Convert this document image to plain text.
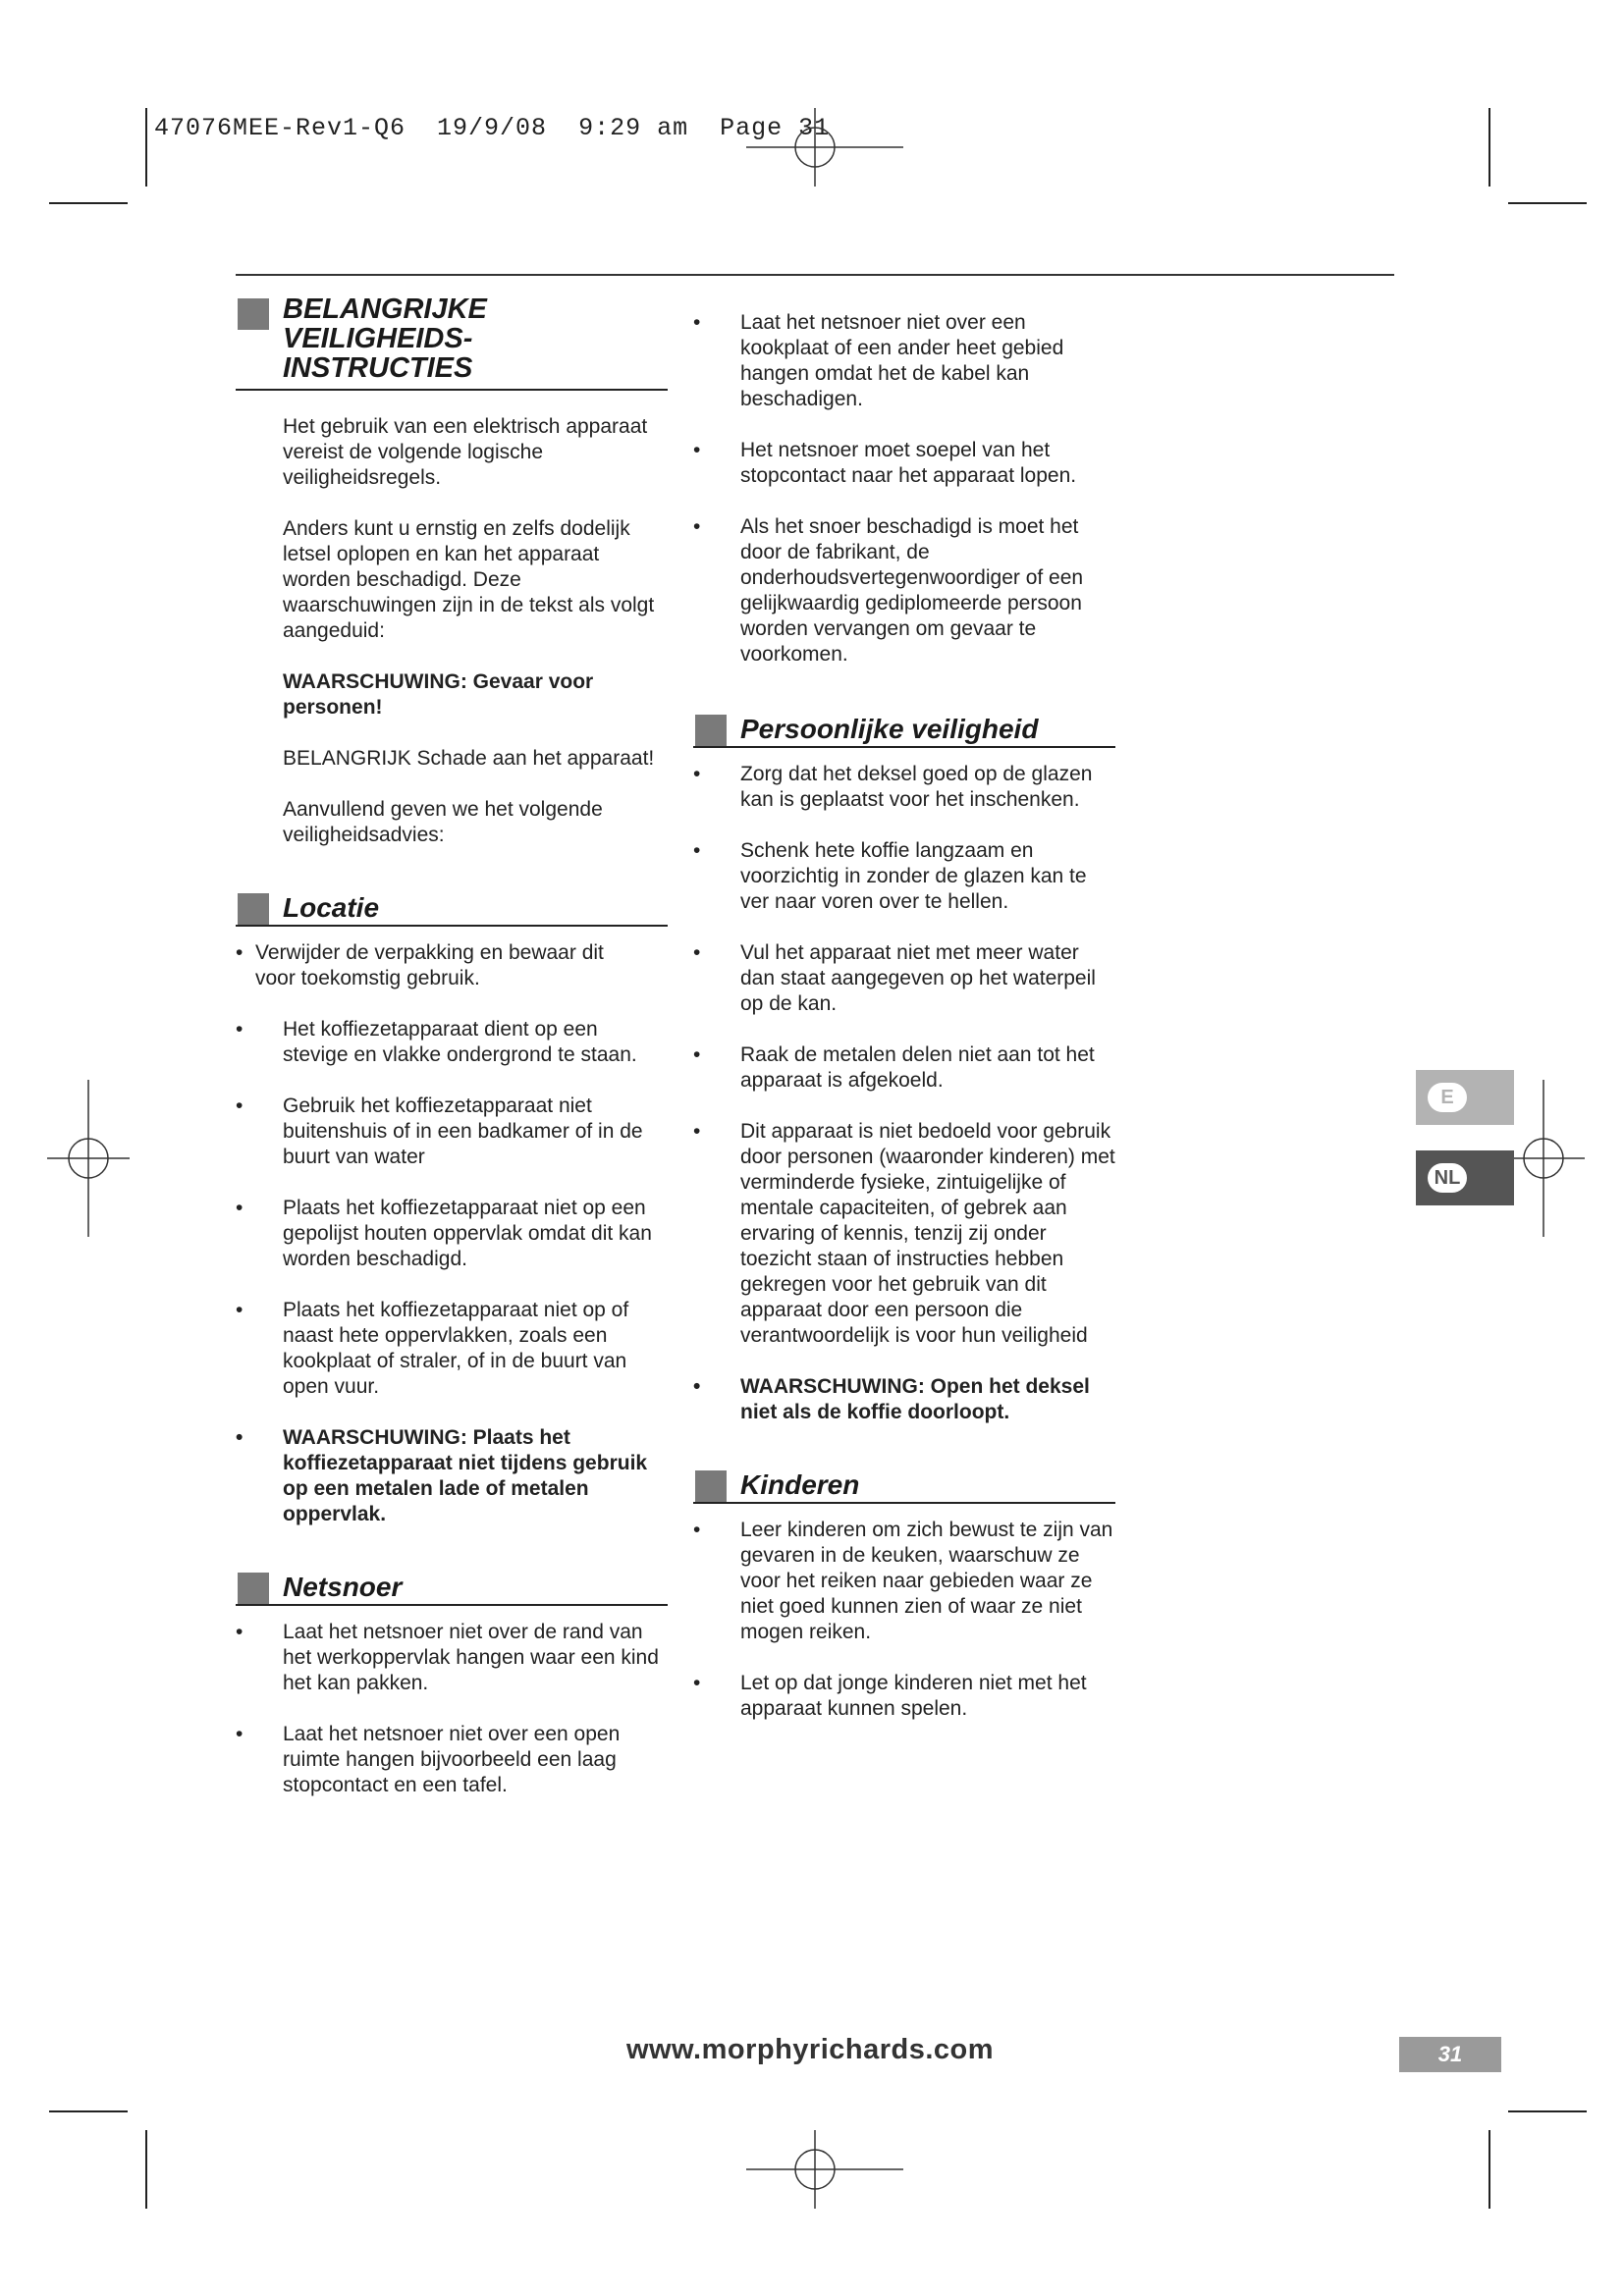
47076MEE-Rev1-Q6  19/9/08  9:29 am  Page 31
BELANGRIJKE
VEILIGHEIDS-
INSTRUCTIES

Het gebruik van een elektrisch apparaat vereist de volgende logische veiligheidsregels.

Anders kunt u ernstig en zelfs dodelijk letsel oplopen en kan het apparaat worden beschadigd. Deze waarschuwingen zijn in de tekst als volgt aangeduid:

WAARSCHUWING: Gevaar voor personen!

BELANGRIJK Schade aan het apparaat!

Aanvullend geven we het volgende veiligheidsadvies:

Locatie
• Verwijder de verpakking en bewaar dit voor toekomstig gebruik.
• Het koffiezetapparaat dient op een stevige en vlakke ondergrond te staan.
• Gebruik het koffiezetapparaat niet buitenshuis of in een badkamer of in de buurt van water
• Plaats het koffiezetapparaat niet op een gepolijst houten oppervlak omdat dit kan worden beschadigd.
• Plaats het koffiezetapparaat niet op of naast hete oppervlakken, zoals een kookplaat of straler, of in de buurt van open vuur.
• WAARSCHUWING: Plaats het koffiezetapparaat niet tijdens gebruik op een metalen lade of metalen oppervlak.
Netsnoer
• Laat het netsnoer niet over de rand van het werkoppervlak hangen waar een kind het kan pakken.
• Laat het netsnoer niet over een open ruimte hangen bijvoorbeeld een laag stopcontact en een tafel.
• Laat het netsnoer niet over een kookplaat of een ander heet gebied hangen omdat het de kabel kan beschadigen.
• Het netsnoer moet soepel van het stopcontact naar het apparaat lopen.
• Als het snoer beschadigd is moet het door de fabrikant, de onderhoudsvertegenwoordiger of een gelijkwaardig gediplomeerde persoon worden vervangen om gevaar te voorkomen.
Persoonlijke veiligheid
• Zorg dat het deksel goed op de glazen kan is geplaatst voor het inschenken.
• Schenk hete koffie langzaam en voorzichtig in zonder de glazen kan te ver naar voren over te hellen.
• Vul het apparaat niet met meer water dan staat aangegeven op het waterpeil op de kan.
• Raak de metalen delen niet aan tot het apparaat is afgekoeld.
• Dit apparaat is niet bedoeld voor gebruik door personen (waaronder kinderen) met verminderde fysieke, zintuigelijke of mentale capaciteiten, of gebrek aan ervaring of kennis, tenzij zij onder toezicht staan of instructies hebben gekregen voor het gebruik van dit apparaat door een persoon die verantwoordelijk is voor hun veiligheid
• WAARSCHUWING: Open het deksel niet als de koffie doorloopt.
Kinderen
• Leer kinderen om zich bewust te zijn van gevaren in de keuken, waarschuw ze voor het reiken naar gebieden waar ze niet goed kunnen zien of waar ze niet mogen reiken.
• Let op dat jonge kinderen niet met het apparaat kunnen spelen.
E
NL
www.morphyrichards.com	31
